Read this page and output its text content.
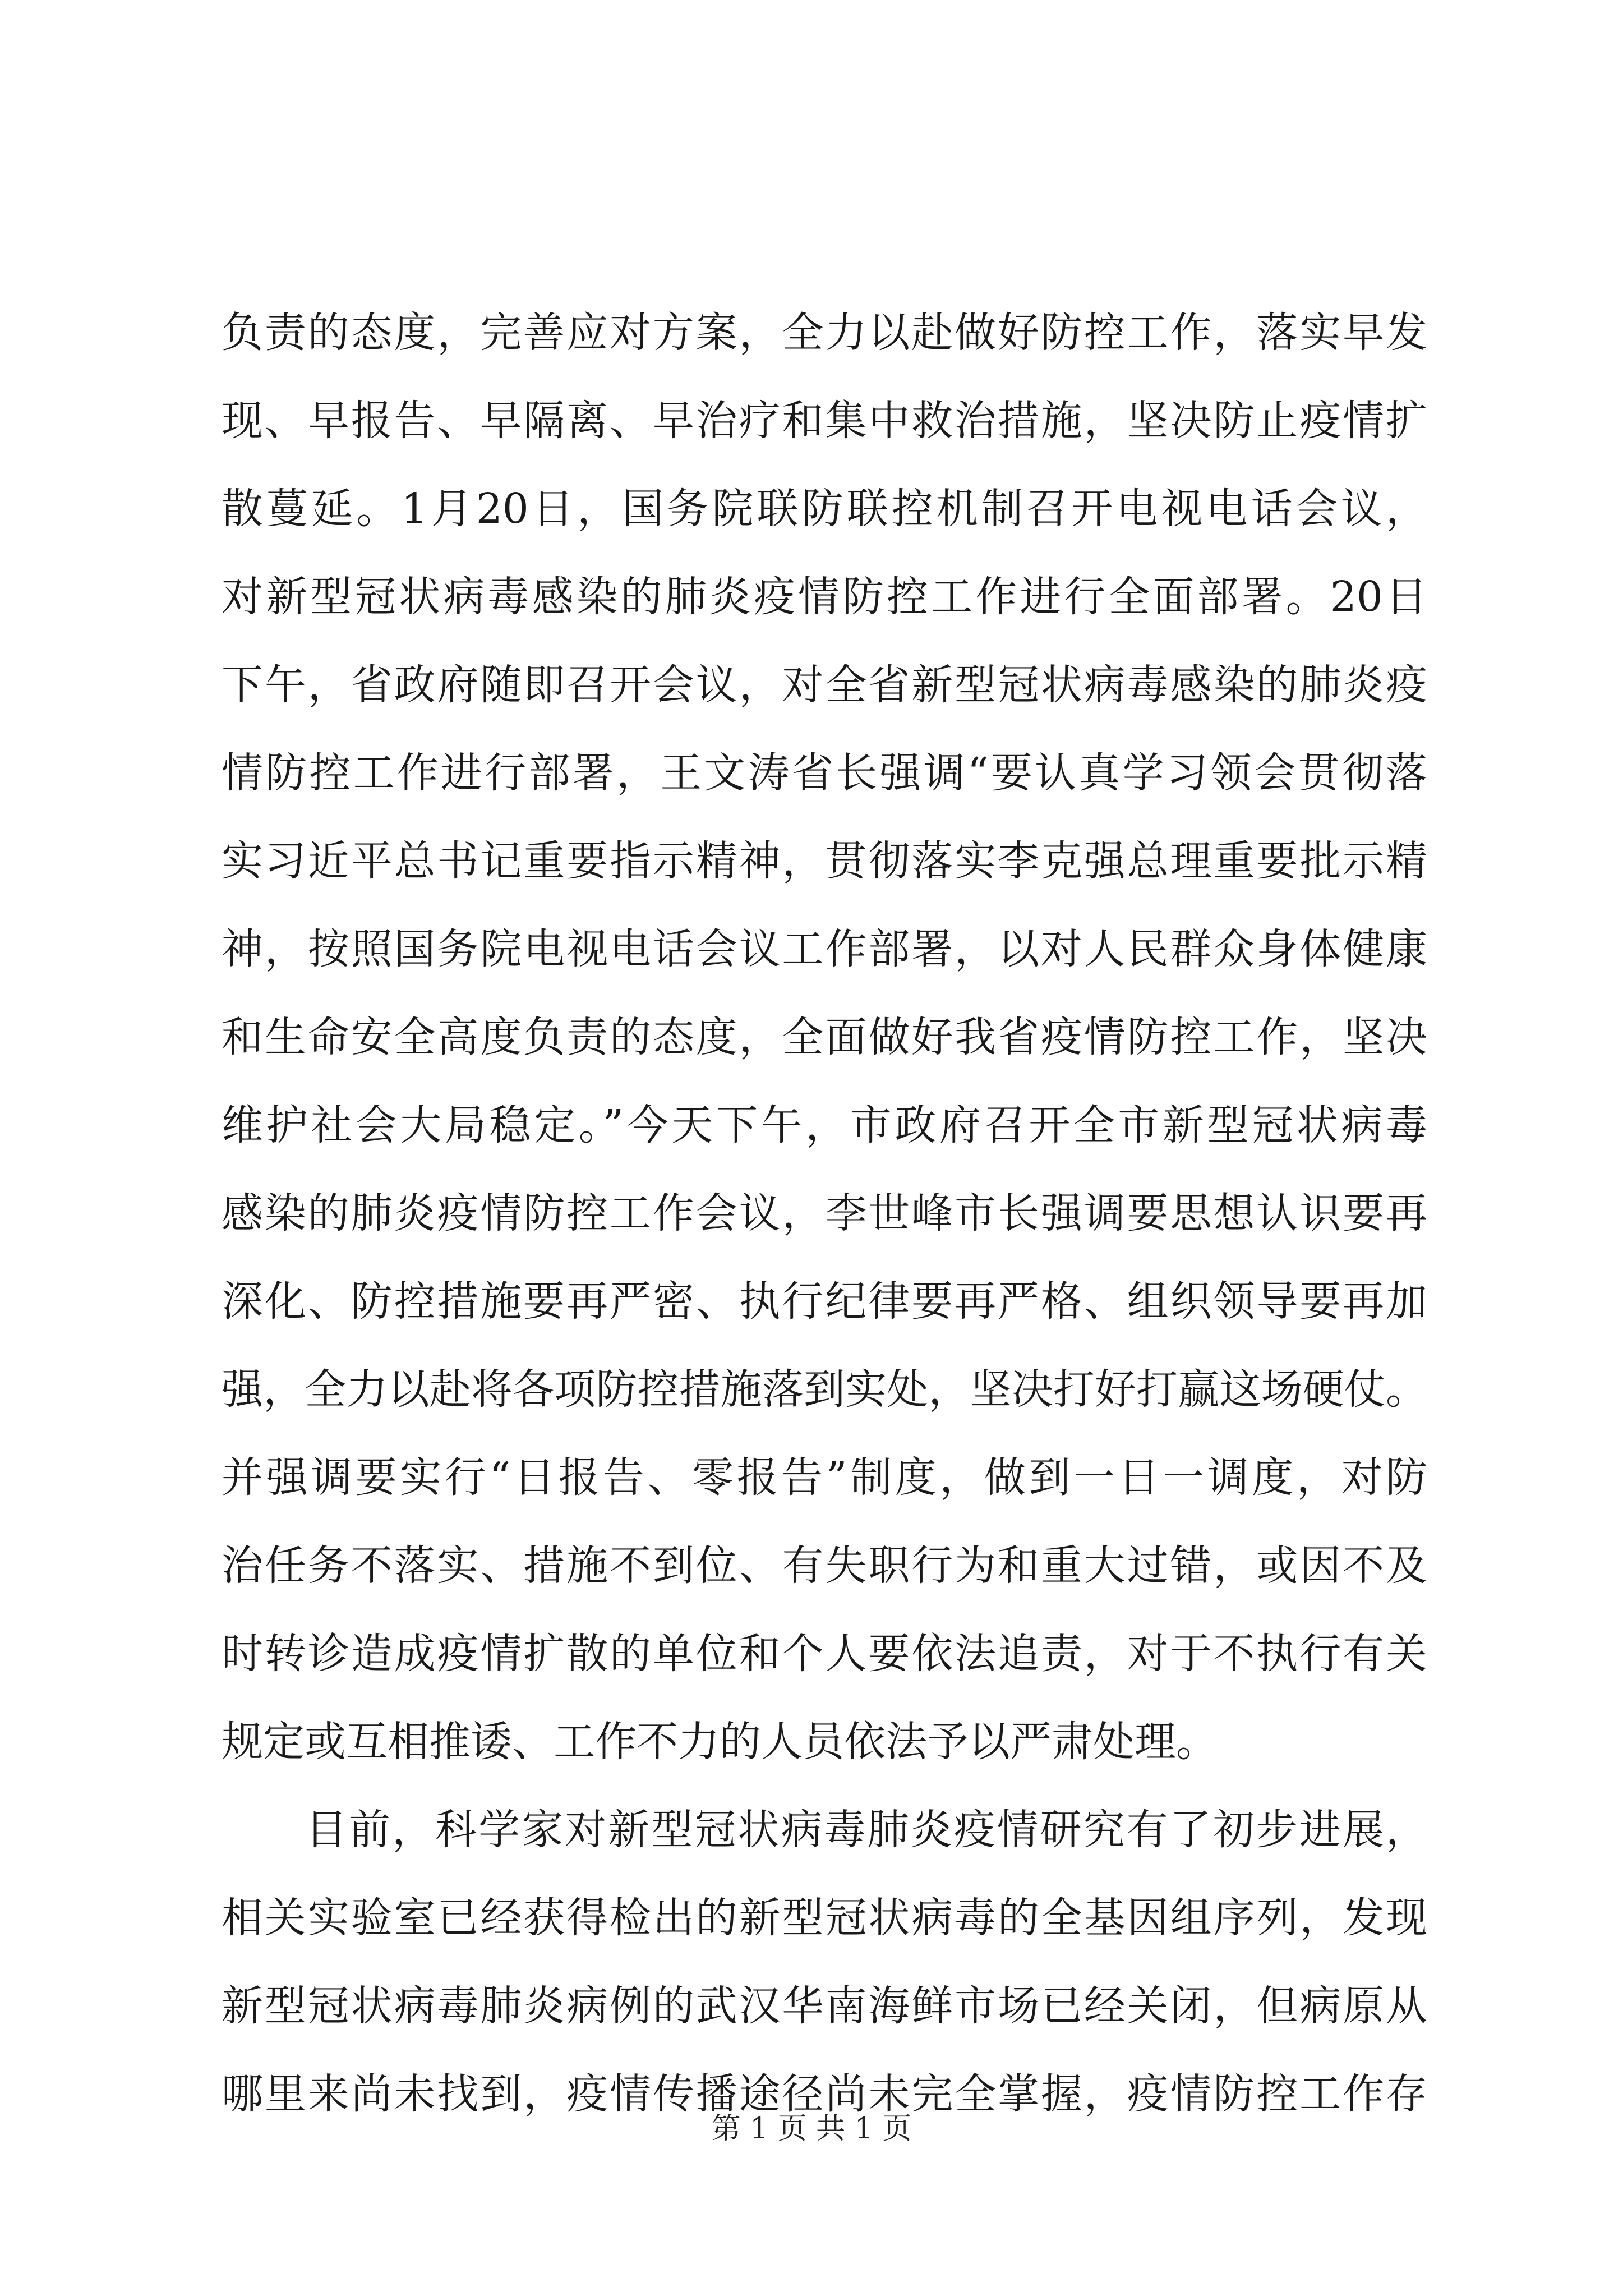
负责的态度，完善应对方案，全力以赴做好防控工作，落实早发
现、早报告、早隔离、早治疗和集中救治措施，坚决防止疫情扩
散蔓延。1月20日，国务院联防联控机制召开电视电话会议，
对新型冠状病毒感染的肺炎疫情防控工作进行全面部署。20日
下午，省政府随即召开会议，对全省新型冠状病毒感染的肺炎疫
情防控工作进行部署，王文涛省长强调“要认真学习领会贯彻落
实习近平总书记重要指示精神，贯彻落实李克强总理重要批示精
神，按照国务院电视电话会议工作部署，以对人民群众身体健康
和生命安全高度负责的态度，全面做好我省疫情防控工作，坚决
维护社会大局稳定。”今天下午，市政府召开全市新型冠状病毒
感染的肺炎疫情防控工作会议，李世峰市长强调要思想认识要再
深化、防控措施要再严密、执行纪律要再严格、组织领导要再加
强，全力以赴将各项防控措施落到实处，坚决打好打赢这场硬仗。
并强调要实行“日报告、零报告”制度，做到一日一调度，对防
治任务不落实、措施不到位、有失职行为和重大过错，或因不及
时转诊造成疫情扩散的单位和个人要依法追责，对于不执行有关
规定或互相推诿、工作不力的人员依法予以严肃处理。
目前，科学家对新型冠状病毒肺炎疫情研究有了初步进展，
相关实验室已经获得检出的新型冠状病毒的全基因组序列，发现
新型冠状病毒肺炎病例的武汉华南海鲜市场已经关闭，但病原从
哪里来尚未找到，疫情传播途径尚未完全掌握，疫情防控工作存
第 1 页 共 1 页
